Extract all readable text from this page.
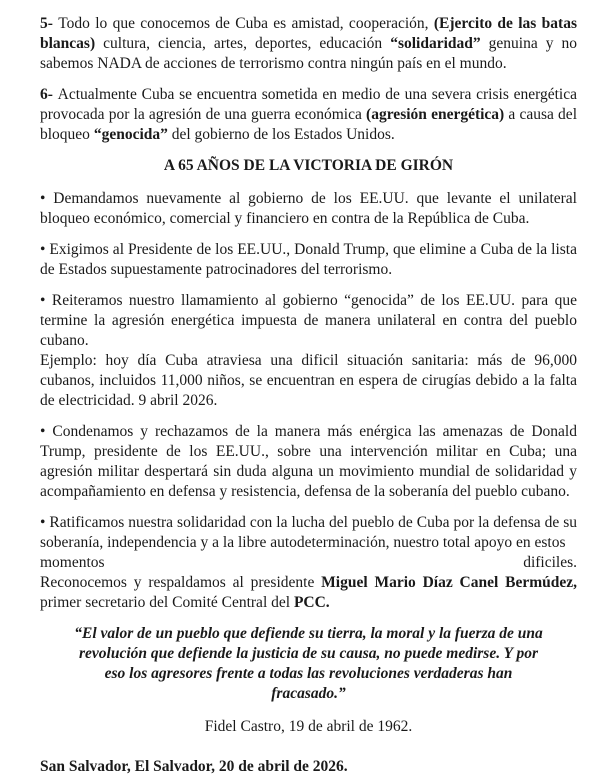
5- Todo lo que conocemos de Cuba es amistad, cooperación, (Ejercito de las batas blancas) cultura, ciencia, artes, deportes, educación “solidaridad” genuina y no sabemos NADA de acciones de terrorismo contra ningún país en el mundo.

6- Actualmente Cuba se encuentra sometida en medio de una severa crisis energética provocada por la agresión de una guerra económica (agresión energética) a causa del bloqueo “genocida” del gobierno de los Estados Unidos.

A 65 AÑOS DE LA VICTORIA DE GIRÓN

• Demandamos nuevamente al gobierno de los EE.UU. que levante el unilateral bloqueo económico, comercial y financiero en contra de la República de Cuba.

• Exigimos al Presidente de los EE.UU., Donald Trump, que elimine a Cuba de la lista de Estados supuestamente patrocinadores del terrorismo.

• Reiteramos nuestro llamamiento al gobierno “genocida” de los EE.UU. para que termine la agresión energética impuesta de manera unilateral en contra del pueblo cubano.

Ejemplo: hoy día Cuba atraviesa una dificil situación sanitaria: más de 96,000 cubanos, incluidos 11,000 niños, se encuentran en espera de cirugías debido a la falta de electricidad. 9 abril 2026.

• Condenamos y rechazamos de la manera más enérgica las amenazas de Donald Trump, presidente de los EE.UU., sobre una intervención militar en Cuba; una agresión militar despertará sin duda alguna un movimiento mundial de solidaridad y acompañamiento en defensa y resistencia, defensa de la soberanía del pueblo cubano.

• Ratificamos nuestra solidaridad con la lucha del pueblo de Cuba por la defensa de su soberanía, independencia y a la libre autodeterminación, nuestro total apoyo en estos

momentos	dificiles.

Reconocemos y respaldamos al presidente Miguel Mario Díaz Canel Bermúdez, primer secretario del Comité Central del PCC.

“El valor de un pueblo que defiende su tierra, la moral y la fuerza de una revolución que defiende la justicia de su causa, no puede medirse. Y por eso los agresores frente a todas las revoluciones verdaderas han fracasado.”

Fidel Castro, 19 de abril de 1962.

San Salvador, El Salvador, 20 de abril de 2026.
